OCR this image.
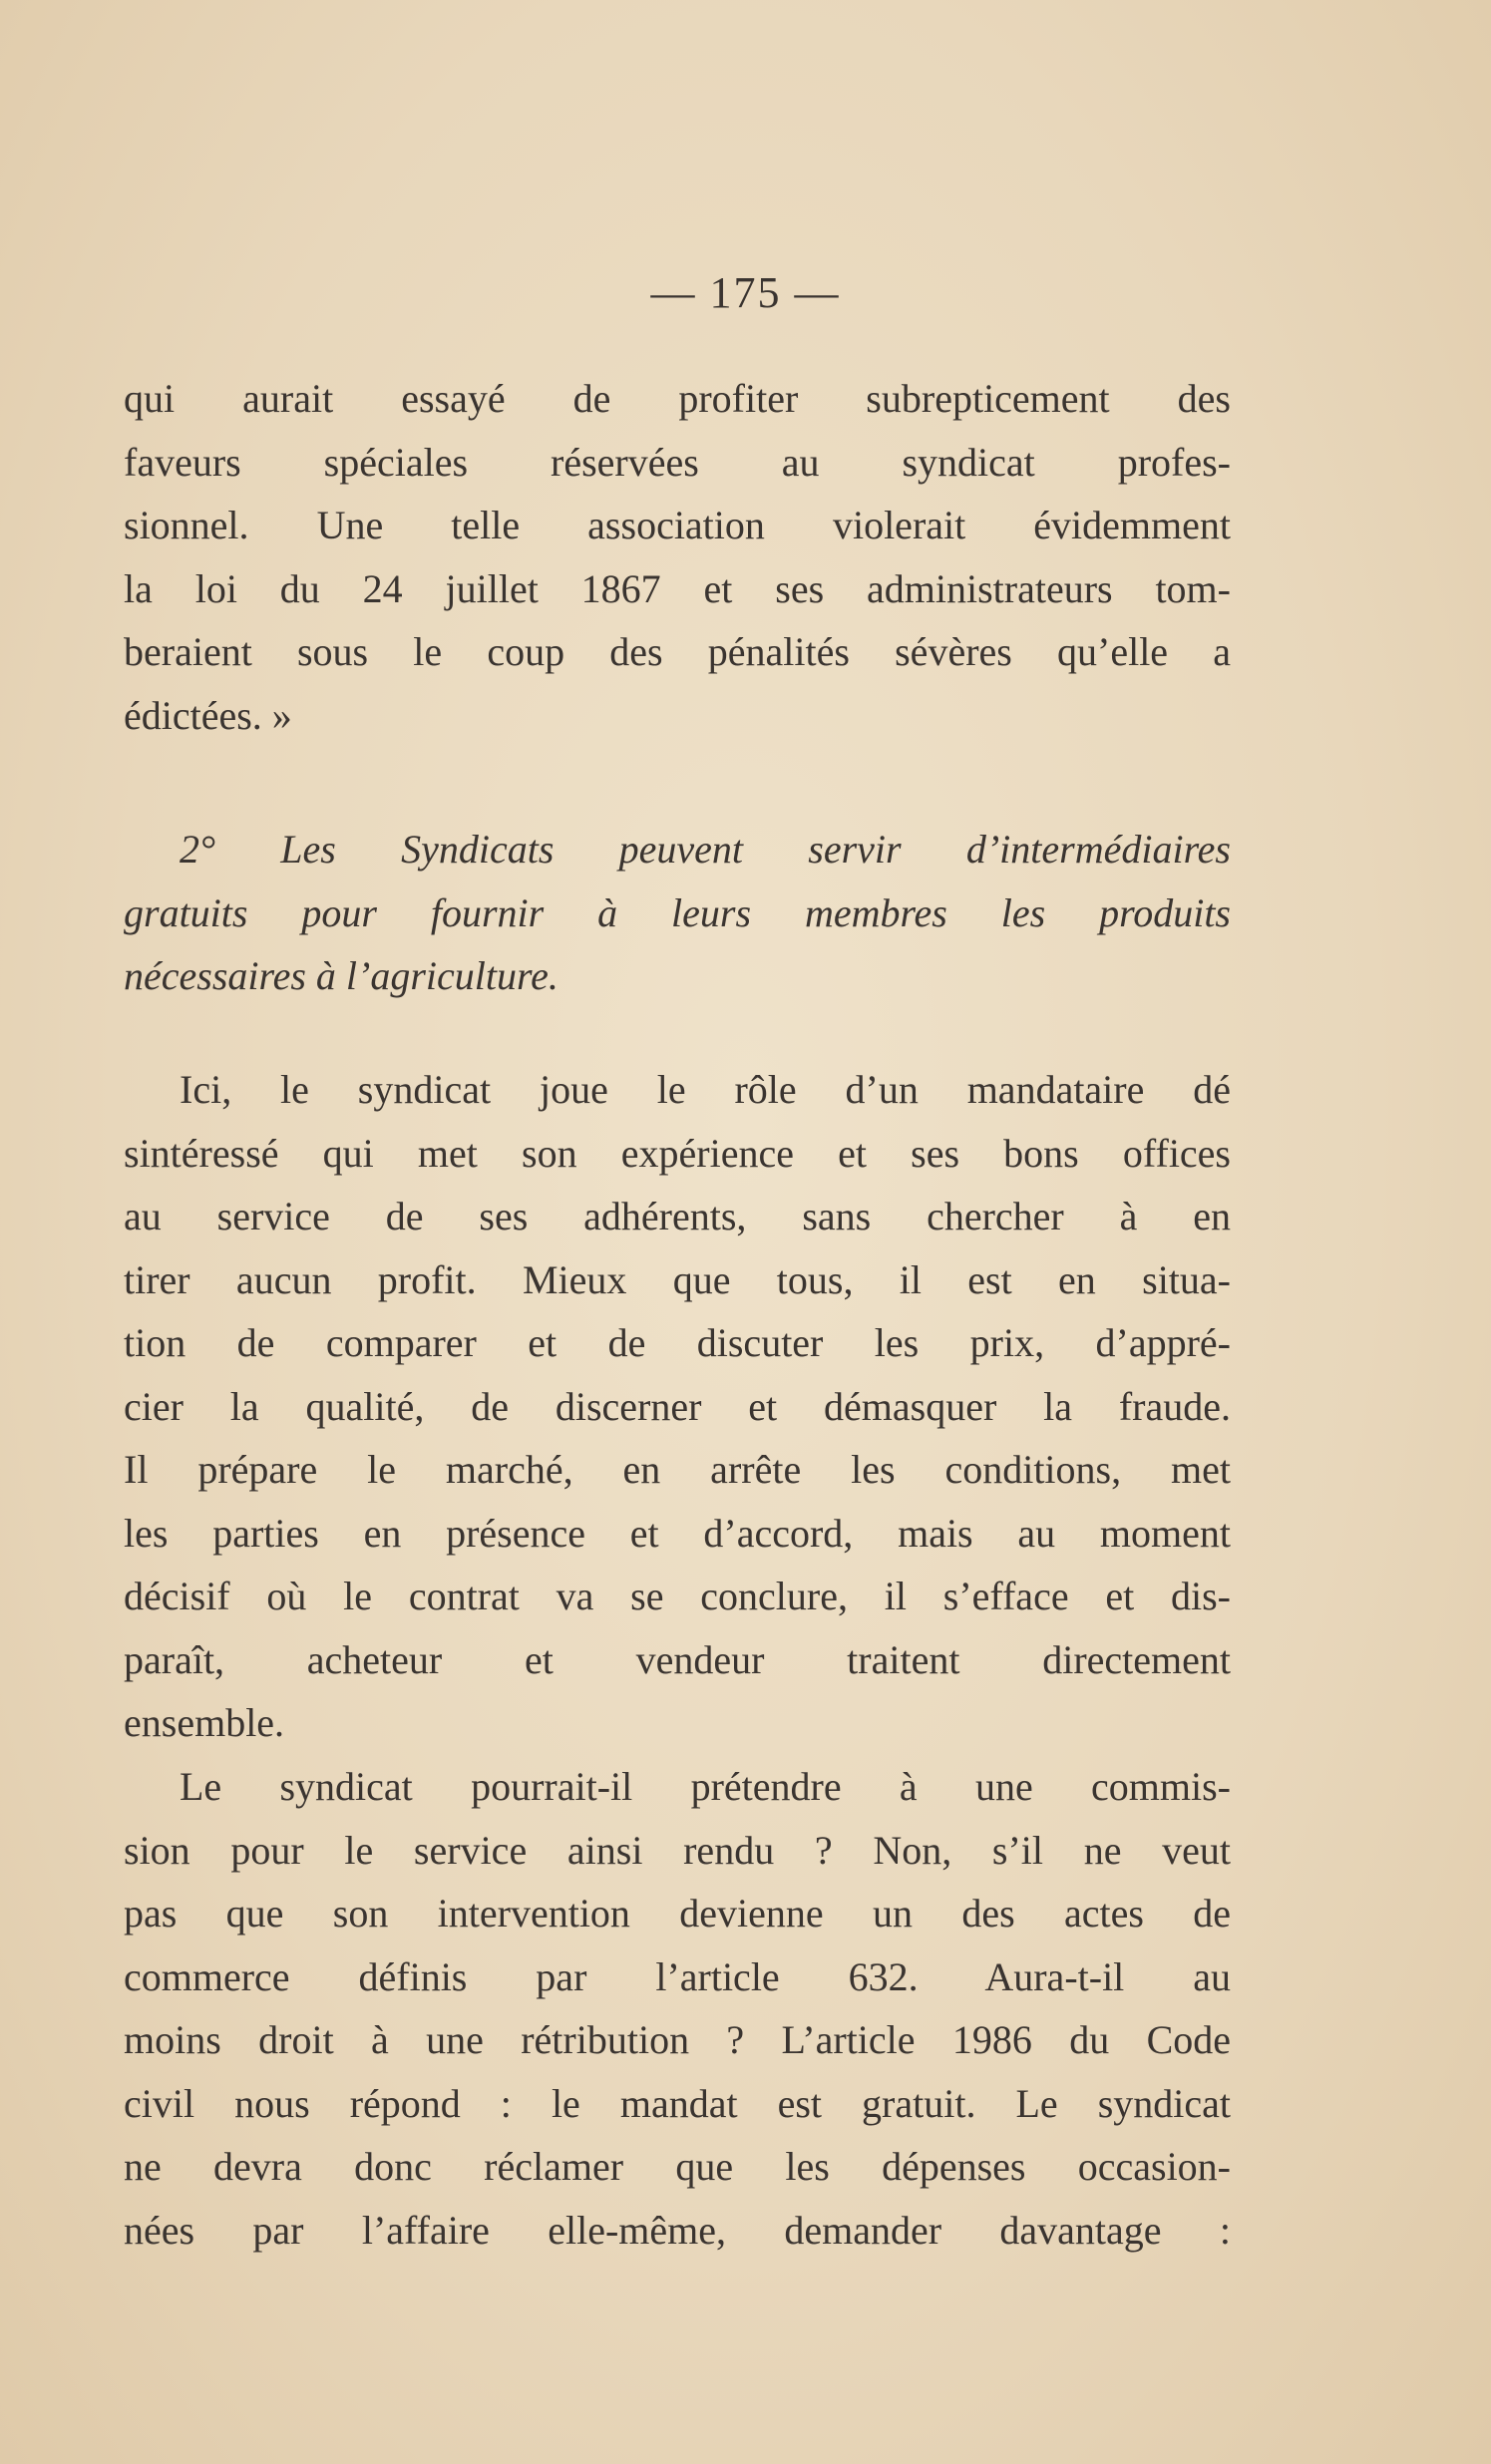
— 175 —
qui aurait essayé de profiter subrepticement des
faveurs spéciales réservées au syndicat profes-
sionnel. Une telle association violerait évidemment
la loi du 24 juillet 1867 et ses administrateurs tom-
beraient sous le coup des pénalités sévères qu’elle a
édictées. »
2° Les Syndicats peuvent servir d’intermédiaires
gratuits pour fournir à leurs membres les produits
nécessaires à l’agriculture.
Ici, le syndicat joue le rôle d’un mandataire dé
sintéressé qui met son expérience et ses bons offices
au service de ses adhérents, sans chercher à en
tirer aucun profit. Mieux que tous, il est en situa-
tion de comparer et de discuter les prix, d’appré-
cier la qualité, de discerner et démasquer la fraude.
Il prépare le marché, en arrête les conditions, met
les parties en présence et d’accord, mais au moment
décisif où le contrat va se conclure, il s’efface et dis-
paraît, acheteur et vendeur traitent directement
ensemble.
Le syndicat pourrait-il prétendre à une commis-
sion pour le service ainsi rendu ? Non, s’il ne veut
pas que son intervention devienne un des actes de
commerce définis par l’article 632. Aura-t-il au
moins droit à une rétribution ? L’article 1986 du Code
civil nous répond : le mandat est gratuit. Le syndicat
ne devra donc réclamer que les dépenses occasion-
nées par l’affaire elle-même, demander davantage :
